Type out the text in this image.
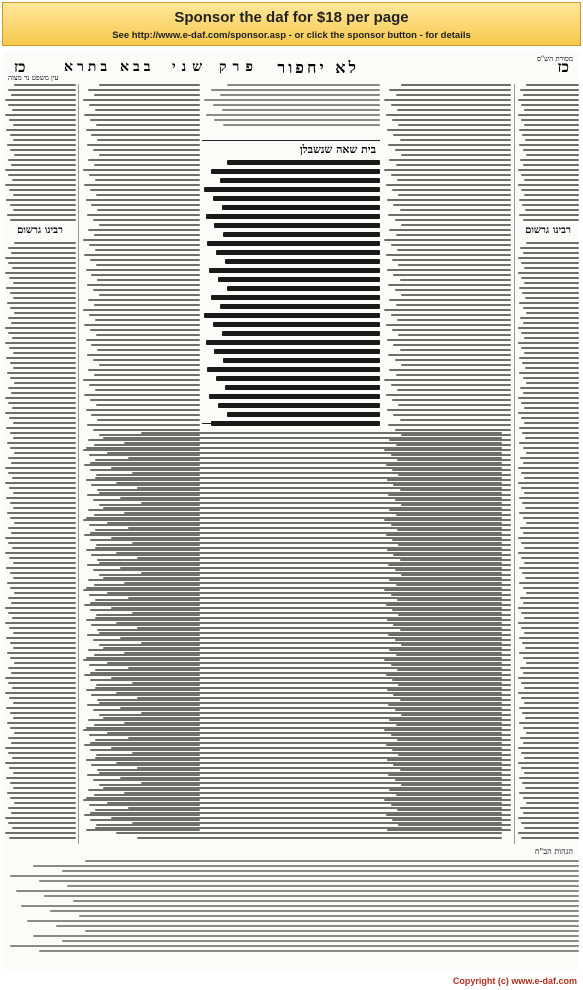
Sponsor the daf for $18 per page
See http://www.e-daf.com/sponsor.asp - or click the sponsor button - for details
כז
לא יחפור
פרק שני
בבא בתרא
כז
עין משפט נר מצוה
מסורת הש"ס
רבינו גרשום
רבינו גרשום
בית שאה שנשבלן
הגהות הב"ח
Copyright (c) www.e-daf.com
